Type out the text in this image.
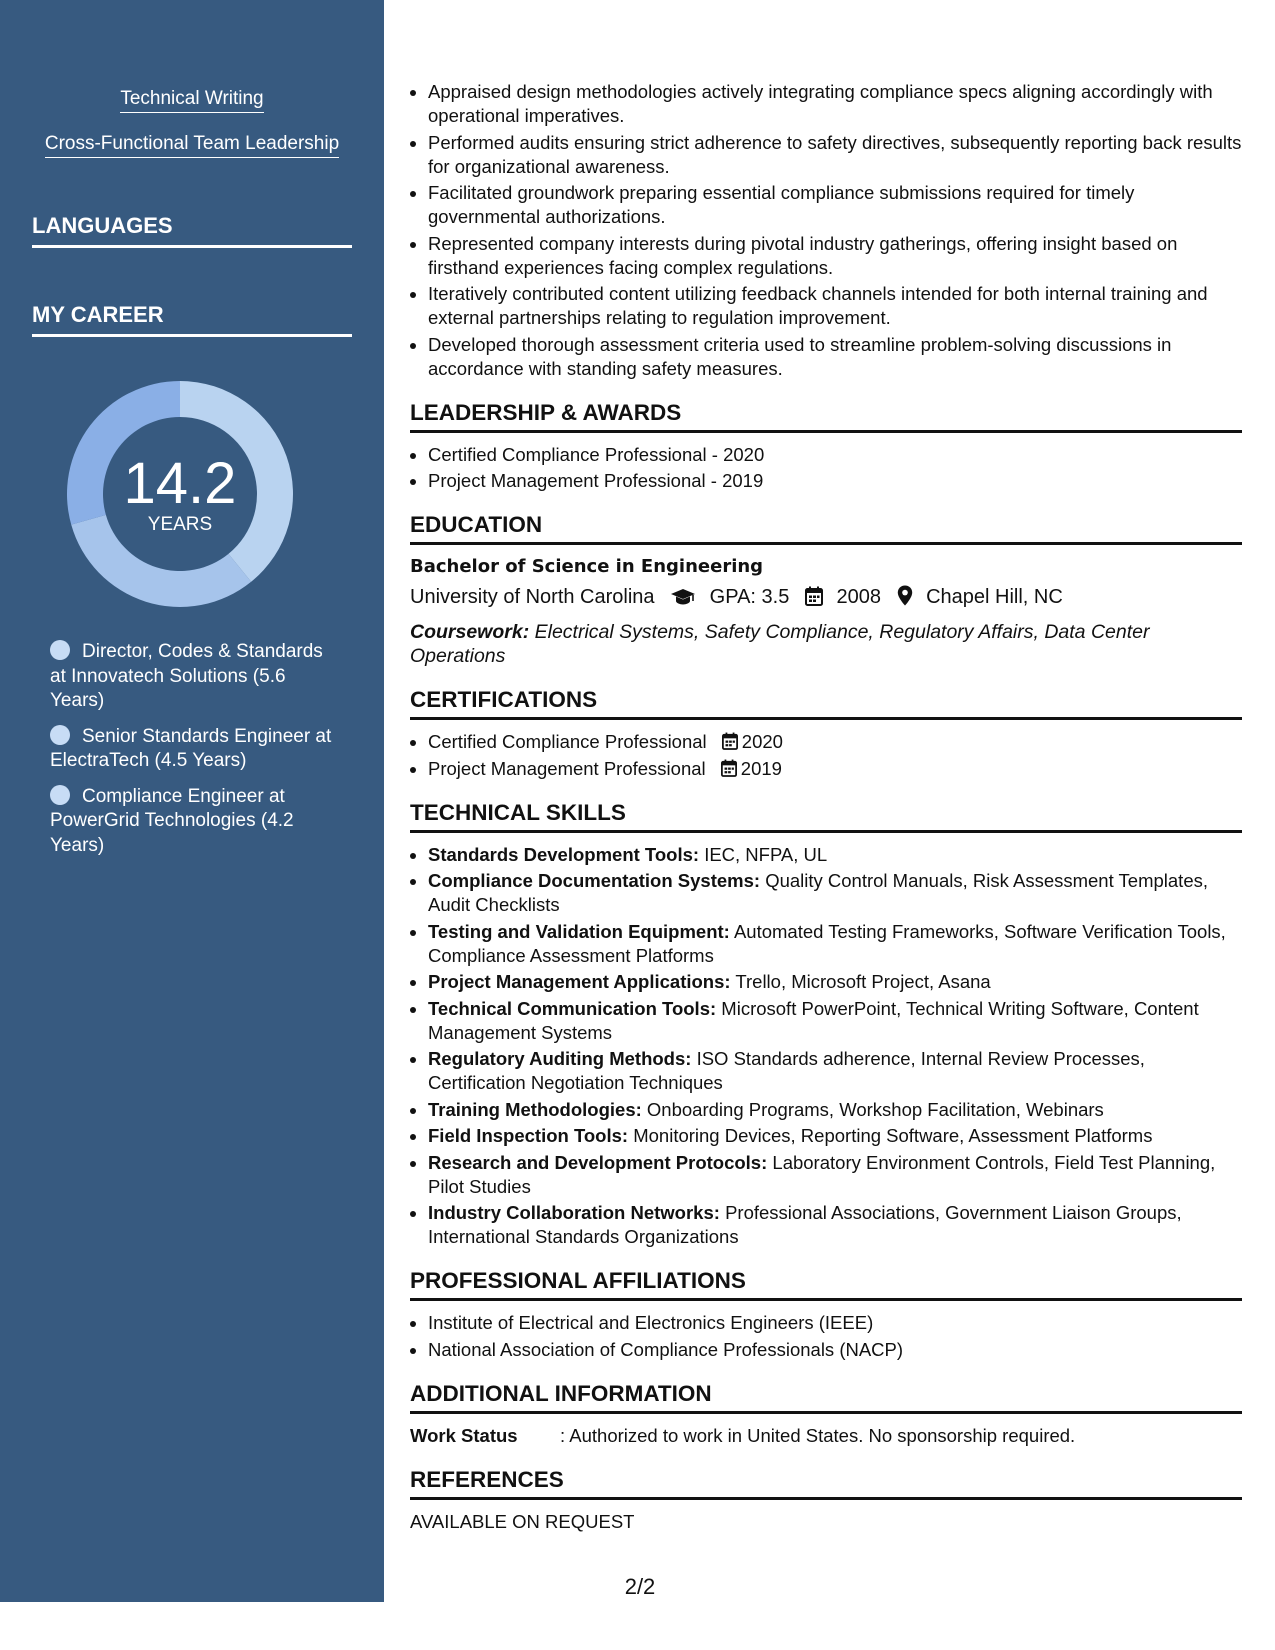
Technical Writing
Cross-Functional Team Leadership
LANGUAGES
MY CAREER
14.2
YEARS
Director, Codes & Standards at Innovatech Solutions (5.6 Years)
Senior Standards Engineer at ElectraTech (4.5 Years)
Compliance Engineer at PowerGrid Technologies (4.2 Years)
• Appraised design methodologies actively integrating compliance specs aligning accordingly with operational imperatives.
• Performed audits ensuring strict adherence to safety directives, subsequently reporting back results for organizational awareness.
• Facilitated groundwork preparing essential compliance submissions required for timely governmental authorizations.
• Represented company interests during pivotal industry gatherings, offering insight based on firsthand experiences facing complex regulations.
• Iteratively contributed content utilizing feedback channels intended for both internal training and external partnerships relating to regulation improvement.
• Developed thorough assessment criteria used to streamline problem-solving discussions in accordance with standing safety measures.
LEADERSHIP & AWARDS
• Certified Compliance Professional - 2020
• Project Management Professional - 2019
EDUCATION
Bachelor of Science in Engineering
University of North Carolina	GPA: 3.5 2008 Chapel Hill, NC
Coursework: Electrical Systems, Safety Compliance, Regulatory Affairs, Data Center Operations
CERTIFICATIONS
• Certified Compliance Professional 2020
• Project Management Professional 2019
TECHNICAL SKILLS
• Standards Development Tools: IEC, NFPA, UL
• Compliance Documentation Systems: Quality Control Manuals, Risk Assessment Templates, Audit Checklists
• Testing and Validation Equipment: Automated Testing Frameworks, Software Verification Tools, Compliance Assessment Platforms
• Project Management Applications: Trello, Microsoft Project, Asana
• Technical Communication Tools: Microsoft PowerPoint, Technical Writing Software, Content Management Systems
• Regulatory Auditing Methods: ISO Standards adherence, Internal Review Processes, Certification Negotiation Techniques
• Training Methodologies: Onboarding Programs, Workshop Facilitation, Webinars
• Field Inspection Tools: Monitoring Devices, Reporting Software, Assessment Platforms
• Research and Development Protocols: Laboratory Environment Controls, Field Test Planning, Pilot Studies
• Industry Collaboration Networks: Professional Associations, Government Liaison Groups, International Standards Organizations
PROFESSIONAL AFFILIATIONS
• Institute of Electrical and Electronics Engineers (IEEE)
• National Association of Compliance Professionals (NACP)
ADDITIONAL INFORMATION
Work Status : Authorized to work in United States. No sponsorship required.
REFERENCES
AVAILABLE ON REQUEST
2/2
